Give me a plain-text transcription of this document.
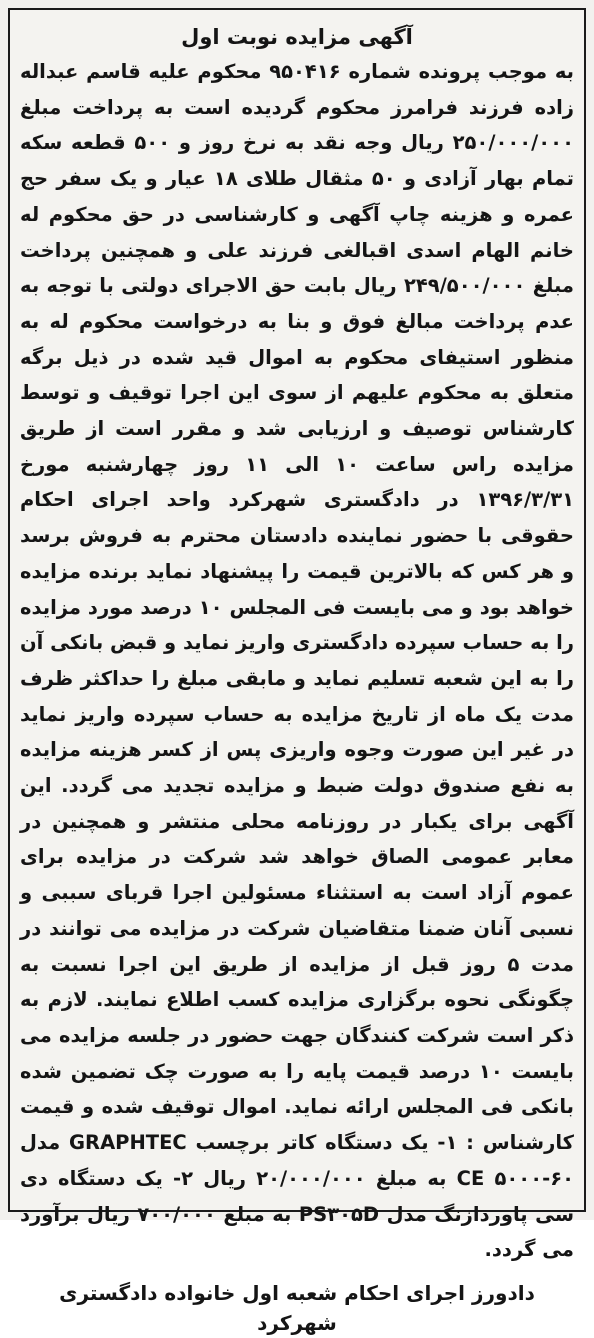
آگهی مزایده نوبت اول

به موجب پرونده شماره ۹۵۰۴۱۶ محکوم علیه قاسم عبداله زاده فرزند فرامرز محکوم گردیده است به پرداخت مبلغ ۲۵۰/۰۰۰/۰۰۰ ریال وجه نقد به نرخ روز و ۵۰۰ قطعه سکه تمام بهار آزادی و ۵۰ مثقال طلای ۱۸ عیار و یک سفر حج عمره و هزینه چاپ آگهی و کارشناسی در حق محکوم له خانم الهام اسدی اقبالغی فرزند علی و همچنین پرداخت مبلغ ۲۴۹/۵۰۰/۰۰۰ ریال بابت حق الاجرای دولتی با توجه به عدم پرداخت مبالغ فوق و بنا به درخواست محکوم له به منظور استیفای محکوم به اموال قید شده در ذیل برگه متعلق به محکوم علیهم از سوی این اجرا توقیف و توسط کارشناس توصیف و ارزیابی شد و مقرر است از طریق مزایده راس ساعت ۱۰ الی ۱۱ روز چهارشنبه مورخ ۱۳۹۶/۳/۳۱ در دادگستری شهرکرد واحد اجرای احکام حقوقی با حضور نماینده دادستان محترم به فروش برسد و هر کس که بالاترین قیمت را پیشنهاد نماید برنده مزایده خواهد بود و می بایست فی المجلس ۱۰ درصد مورد مزایده را به حساب سپرده دادگستری واریز نماید و قبض بانکی آن را به این شعبه تسلیم نماید و مابقی مبلغ را حداکثر ظرف مدت یک ماه از تاریخ مزایده به حساب سپرده واریز نماید در غیر این صورت وجوه واریزی پس از کسر هزینه مزایده به نفع صندوق دولت ضبط و مزایده تجدید می گردد. این آگهی برای یکبار در روزنامه محلی منتشر و همچنین در معابر عمومی الصاق خواهد شد شرکت در مزایده برای عموم آزاد است به استثناء مسئولین اجرا قربای سببی و نسبی آنان ضمنا متقاضیان شرکت در مزایده می توانند در مدت ۵ روز قبل از مزایده از طریق این اجرا نسبت به چگونگی نحوه برگزاری مزایده کسب اطلاع نمایند. لازم به ذکر است شرکت کنندگان جهت حضور در جلسه مزایده می بایست ۱۰ درصد قیمت پایه را به صورت چک تضمین شده بانکی فی المجلس ارائه نماید. اموال توقیف شده و قیمت کارشناس : ۱- یک دستگاه کاتر برچسب GRAPHTEC مدل ۶۰-۵۰۰۰ CE به مبلغ ۲۰/۰۰۰/۰۰۰ ریال ۲- یک دستگاه دی سی پاوردازنگ مدل PS۳۰۵D به مبلغ ۷۰۰/۰۰۰ ریال برآورد می گردد.

دادورز اجرای احکام شعبه اول خانواده دادگستری شهرکرد
